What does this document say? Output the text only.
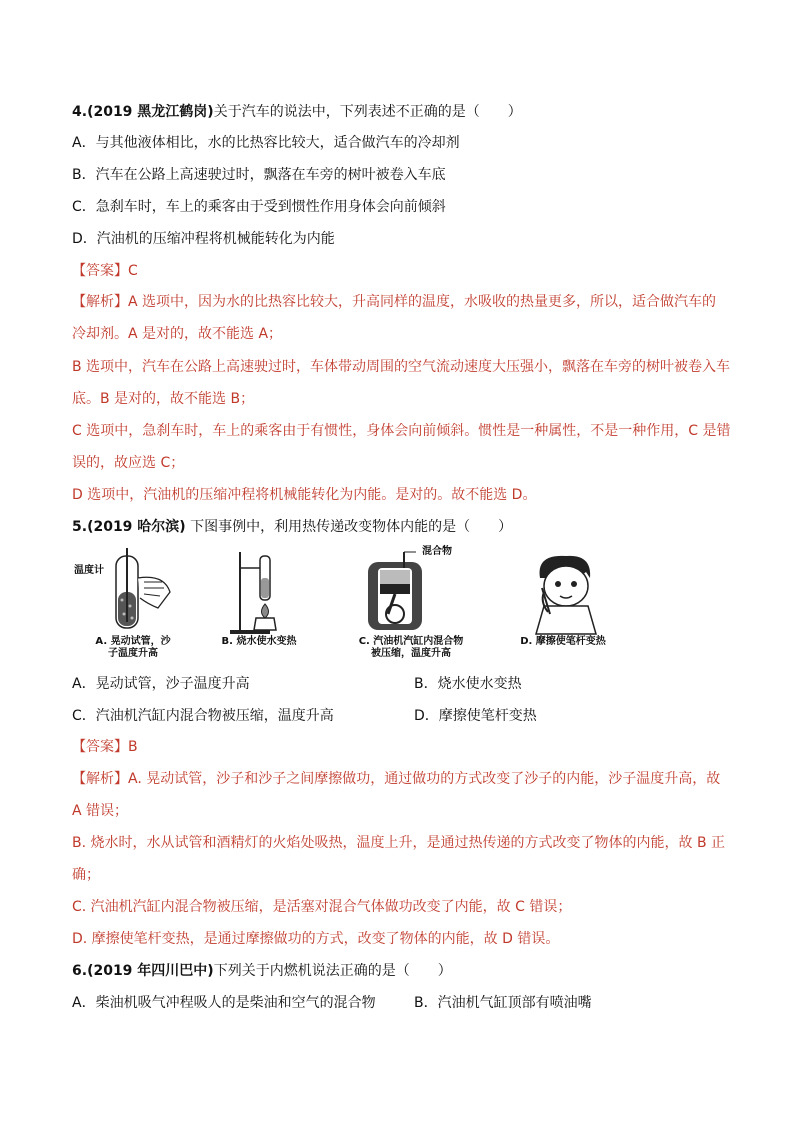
4.(2019 黑龙江鹤岗)关于汽车的说法中，下列表述不正确的是（　　）
A．与其他液体相比，水的比热容比较大，适合做汽车的冷却剂
B．汽车在公路上高速驶过时，飘落在车旁的树叶被卷入车底
C．急刹车时，车上的乘客由于受到惯性作用身体会向前倾斜
D．汽油机的压缩冲程将机械能转化为内能
【答案】C
【解析】A 选项中，因为水的比热容比较大，升高同样的温度，水吸收的热量更多，所以，适合做汽车的
冷却剂。A 是对的，故不能选 A；
B 选项中，汽车在公路上高速驶过时，车体带动周围的空气流动速度大压强小，飘落在车旁的树叶被卷入车
底。B 是对的，故不能选 B；
C 选项中，急刹车时，车上的乘客由于有惯性，身体会向前倾斜。惯性是一种属性，不是一种作用，C 是错
误的，故应选 C；
D 选项中，汽油机的压缩冲程将机械能转化为内能。是对的。故不能选 D。
5.(2019 哈尔滨) 下图事例中，利用热传递改变物体内能的是（　　）
温度计
混合物
A. 晃动试管，沙
子温度升高
B. 烧水使水变热	C. 汽油机汽缸内混合物
被压缩，温度升高
D. 摩擦使笔杆变热
A．晃动试管，沙子温度升高	B．烧水使水变热
C．汽油机汽缸内混合物被压缩，温度升高	D．摩擦使笔杆变热
【答案】B
【解析】A. 晃动试管，沙子和沙子之间摩擦做功，通过做功的方式改变了沙子的内能，沙子温度升高，故
A 错误；
B. 烧水时，水从试管和酒精灯的火焰处吸热，温度上升，是通过热传递的方式改变了物体的内能，故 B 正
确；
C. 汽油机汽缸内混合物被压缩，是活塞对混合气体做功改变了内能，故 C 错误；
D. 摩擦使笔杆变热，是通过摩擦做功的方式，改变了物体的内能，故 D 错误。
6.(2019 年四川巴中)下列关于内燃机说法正确的是（　　）
A．柴油机吸气冲程吸人的是柴油和空气的混合物	B．汽油机气缸顶部有喷油嘴
